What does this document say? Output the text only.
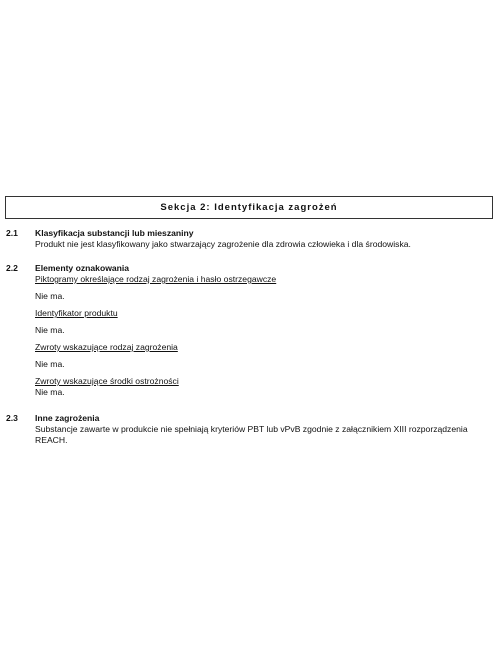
Sekcja 2: Identyfikacja zagrożeń
2.1	Klasyfikacja substancji lub mieszaniny

Produkt nie jest klasyfikowany jako stwarzający zagrożenie dla zdrowia człowieka i dla środowiska.

2.2	Elementy oznakowania

Piktogramy określające rodzaj zagrożenia i hasło ostrzegawcze

Nie ma.

Identyfikator produktu

Nie ma.

Zwroty wskazujące rodzaj zagrożenia

Nie ma.

Zwroty wskazujące środki ostrożności

Nie ma.

2.3	Inne zagrożenia

Substancje zawarte w produkcie nie spełniają kryteriów PBT lub vPvB zgodnie z załącznikiem XIII rozporządzenia REACH.
